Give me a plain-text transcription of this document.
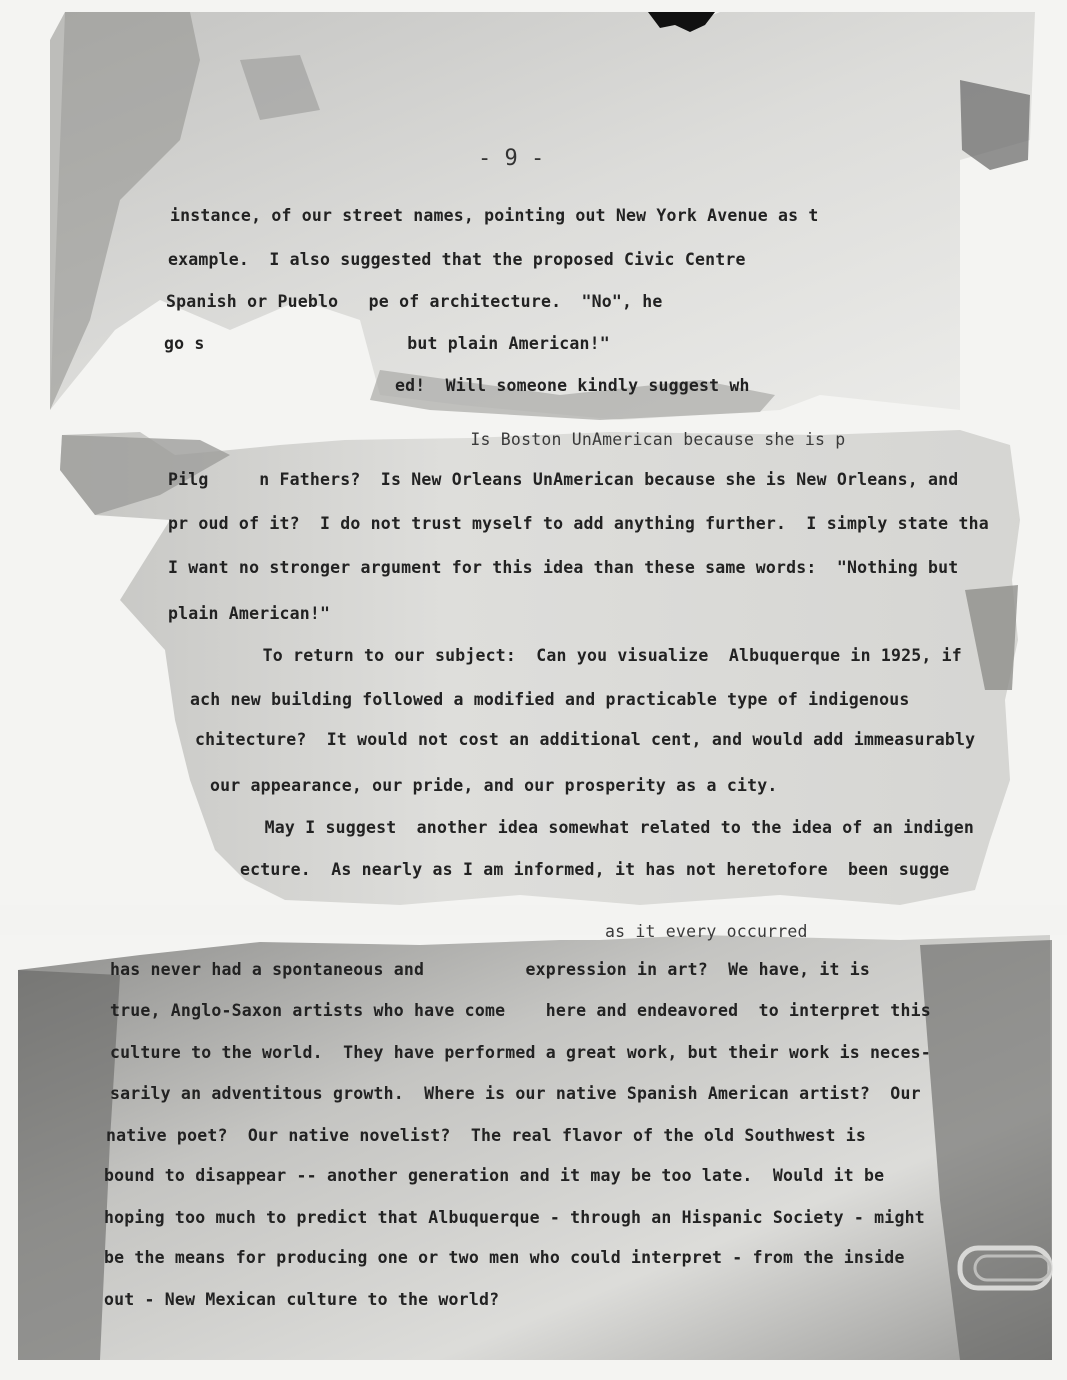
- 9 -
instance, of our street names, pointing out New York Avenue as t
example.  I also suggested that the proposed Civic Centre
Spanish or Pueblo   pe of architecture.  "No", he
go s                    but plain American!"
ed!  Will someone kindly suggest wh
Is Boston UnAmerican because she is p
Pilg     n Fathers?  Is New Orleans UnAmerican because she is New Orleans, and
pr oud of it?  I do not trust myself to add anything further.  I simply state tha
I want no stronger argument for this idea than these same words:  "Nothing but
plain American!"
To return to our subject:  Can you visualize  Albuquerque in 1925, if
ach new building followed a modified and practicable type of indigenous
chitecture?  It would not cost an additional cent, and would add immeasurably
our appearance, our pride, and our prosperity as a city.
May I suggest  another idea somewhat related to the idea of an indigen
ecture.  As nearly as I am informed, it has not heretofore  been sugge
as it every occurred
has never had a spontaneous and          expression in art?  We have, it is
true, Anglo-Saxon artists who have come    here and endeavored  to interpret this
culture to the world.  They have performed a great work, but their work is neces-
sarily an adventitous growth.  Where is our native Spanish American artist?  Our
native poet?  Our native novelist?  The real flavor of the old Southwest is
bound to disappear -- another generation and it may be too late.  Would it be
hoping too much to predict that Albuquerque - through an Hispanic Society - might
be the means for producing one or two men who could interpret - from the inside
out - New Mexican culture to the world?
